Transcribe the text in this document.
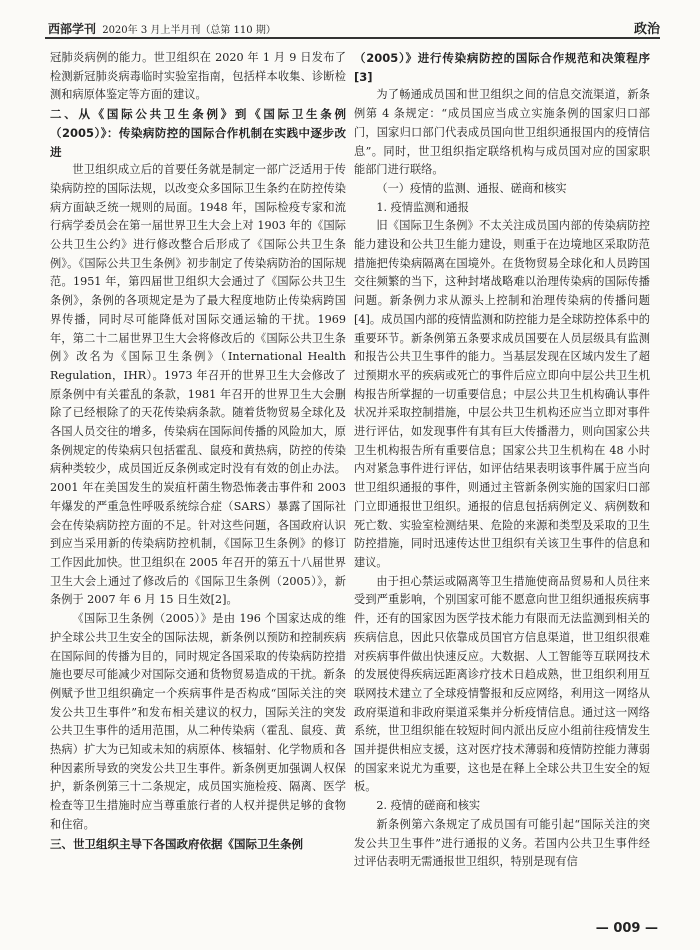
西部学刊 2020年 3 月上半月刊（总第 110 期）	政治

冠肺炎病例的能力。世卫组织在 2020 年 1 月 9 日发布了检测新冠肺炎病毒临时实验室指南，包括样本收集、诊断检测和病原体鉴定等方面的建议。

二、从《国际公共卫生条例》到《国际卫生条例（2005）》：传染病防控的国际合作机制在实践中逐步改进

世卫组织成立后的首要任务就是制定一部广泛适用于传染病防控的国际法规，以改变众多国际卫生条约在防控传染病方面缺乏统一规则的局面。1948 年，国际检疫专家和流行病学委员会在第一届世界卫生大会上对 1903 年的《国际公共卫生公约》进行修改整合后形成了《国际公共卫生条例》。《国际公共卫生条例》初步制定了传染病防治的国际规范。1951 年，第四届世卫组织大会通过了《国际公共卫生条例》，条例的各项规定是为了最大程度地防止传染病跨国界传播，同时尽可能降低对国际交通运输的干扰。1969 年，第二十二届世界卫生大会将修改后的《国际公共卫生条例》改名为《国际卫生条例》（International Health Regulation，IHR）。1973 年召开的世界卫生大会修改了原条例中有关霍乱的条款，1981 年召开的世界卫生大会删除了已经根除了的天花传染病条款。随着货物贸易全球化及各国人员交往的增多，传染病在国际间传播的风险加大，原条例规定的传染病只包括霍乱、鼠疫和黄热病，防控的传染病种类较少，成员国近反条例或定时没有有效的创止办法。2001 年在美国发生的炭疽杆菌生物恐怖袭击事件和 2003 年爆发的严重急性呼吸系统综合症（SARS）暴露了国际社会在传染病防控方面的不足。针对这些问题，各国政府认识到应当采用新的传染病防控机制，《国际卫生条例》的修订工作因此加快。世卫组织在 2005 年召开的第五十八届世界卫生大会上通过了修改后的《国际卫生条例（2005）》，新条例于 2007 年 6 月 15 日生效[2]。

《国际卫生条例（2005）》是由 196 个国家达成的维护全球公共卫生安全的国际法规，新条例以预防和控制疾病在国际间的传播为目的，同时规定各国采取的传染病防控措施也要尽可能减少对国际交通和货物贸易造成的干扰。新条例赋予世卫组织确定一个疾病事件是否构成“国际关注的突发公共卫生事件”和发布相关建议的权力，国际关注的突发公共卫生事件的适用范围，从二种传染病（霍乱、鼠疫、黄热病）扩大为已知或未知的病原体、核辐射、化学物质和各种因素所导致的突发公共卫生事件。新条例更加强调人权保护，新条例第三十二条规定，成员国实施检疫、隔离、医学检查等卫生措施时应当尊重旅行者的人权并提供足够的食物和住宿。

三、世卫组织主导下各国政府依据《国际卫生条例
（2005）》进行传染病防控的国际合作规范和决策程序[3]

为了畅通成员国和世卫组织之间的信息交流渠道，新条例第 4 条规定：“成员国应当成立实施条例的国家归口部门，国家归口部门代表成员国向世卫组织通报国内的疫情信息”。同时，世卫组织指定联络机构与成员国对应的国家职能部门进行联络。

（一）疫情的监测、通报、磋商和核实
1. 疫情监测和通报

旧《国际卫生条例》不太关注成员国内部的传染病防控能力建设和公共卫生能力建设，则重于在边境地区采取防范措施把传染病隔离在国境外。在货物贸易全球化和人员跨国交往频繁的当下，这种封堵战略难以治理传染病的国际传播问题。新条例力求从源头上控制和治理传染病的传播问题[4]。成员国内部的疫情监测和防控能力是全球防控体系中的重要环节。新条例第五条要求成员国要在人员层级具有监测和报告公共卫生事件的能力。当基层发现在区域内发生了超过预期水平的疾病或死亡的事件后应立即向中层公共卫生机构报告所掌握的一切重要信息；中层公共卫生机构确认事件状况并采取控制措施，中层公共卫生机构还应当立即对事件进行评估，如发现事件有其有巨大传播潜力，则向国家公共卫生机构报告所有重要信息；国家公共卫生机构在 48 小时内对紧急事件进行评估，如评估结果表明该事件属于应当向世卫组织通报的事件，则通过主管新条例实施的国家归口部门立即通报世卫组织。通报的信息包括病例定义、病例数和死亡数、实验室检测结果、危险的来源和类型及采取的卫生防控措施，同时迅速传达世卫组织有关该卫生事件的信息和建议。

由于担心禁运或隔离等卫生措施使商品贸易和人员往来受到严重影响，个别国家可能不愿意向世卫组织通报疾病事件，还有的国家因为医学技术能力有限而无法监测到相关的疾病信息，因此只依靠成员国官方信息渠道，世卫组织很难对疾病事件做出快速反应。大数据、人工智能等互联网技术的发展使得疾病远距离诊疗技术日趋成熟，世卫组织利用互联网技术建立了全球疫情警报和反应网络，利用这一网络从政府渠道和非政府渠道采集并分析疫情信息。通过这一网络系统，世卫组织能在较短时间内派出反应小组前往疫情发生国并提供相应支援，这对医疗技术薄弱和疫情防控能力薄弱的国家来说尤为重要，这也是在释上全球公共卫生安全的短板。

2. 疫情的磋商和核实

新条例第六条规定了成员国有可能引起“国际关注的突发公共卫生事件”进行通报的义务。若国内公共卫生事件经过评估表明无需通报世卫组织，特别是现有信

— 009 —
